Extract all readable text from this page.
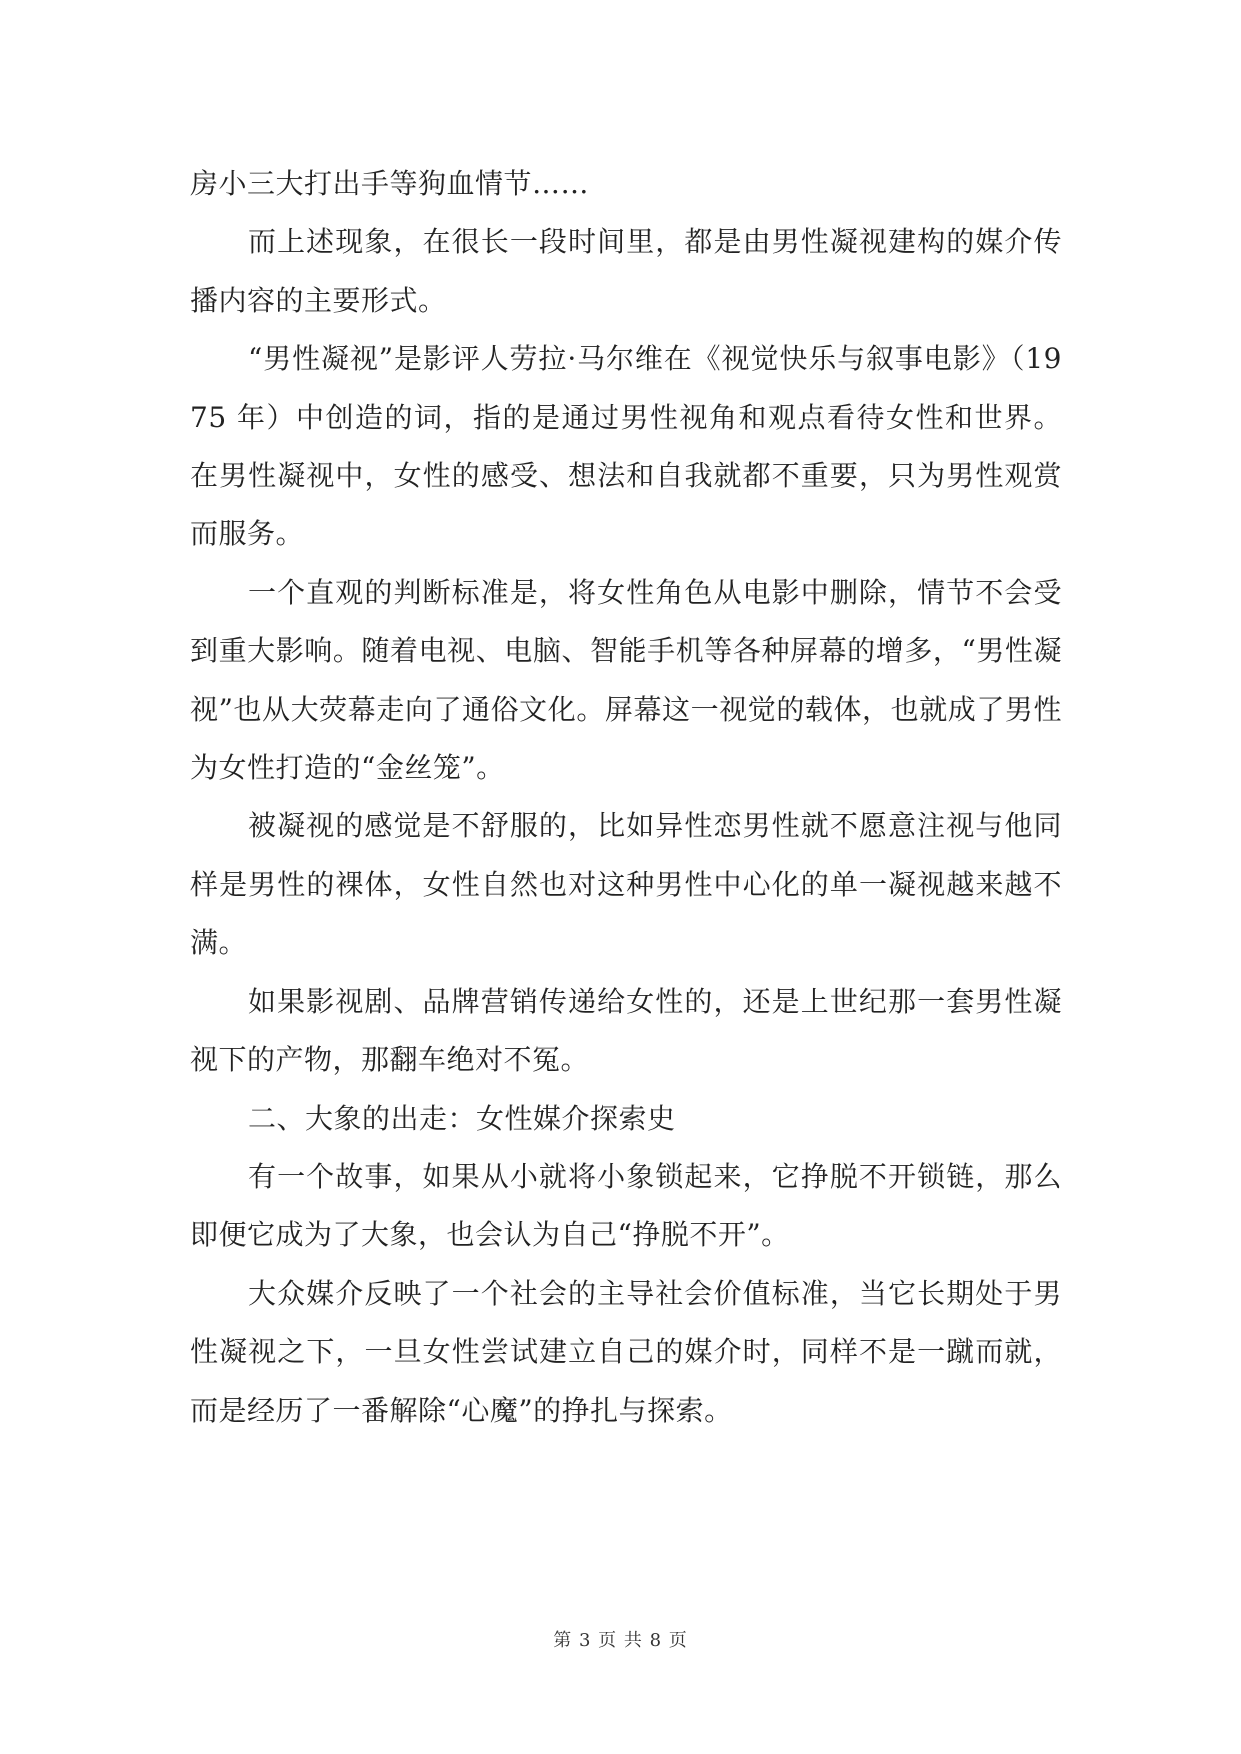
房小三大打出手等狗血情节……

而上述现象，在很长一段时间里，都是由男性凝视建构的媒介传播内容的主要形式。

“男性凝视”是影评人劳拉·马尔维在《视觉快乐与叙事电影》（1975 年）中创造的词，指的是通过男性视角和观点看待女性和世界。在男性凝视中，女性的感受、想法和自我就都不重要，只为男性观赏而服务。

一个直观的判断标准是，将女性角色从电影中删除，情节不会受到重大影响。随着电视、电脑、智能手机等各种屏幕的增多，“男性凝视”也从大荧幕走向了通俗文化。屏幕这一视觉的载体，也就成了男性为女性打造的“金丝笼”。

被凝视的感觉是不舒服的，比如异性恋男性就不愿意注视与他同样是男性的裸体，女性自然也对这种男性中心化的单一凝视越来越不满。

如果影视剧、品牌营销传递给女性的，还是上世纪那一套男性凝视下的产物，那翻车绝对不冤。

二、大象的出走：女性媒介探索史

有一个故事，如果从小就将小象锁起来，它挣脱不开锁链，那么即便它成为了大象，也会认为自己“挣脱不开”。

大众媒介反映了一个社会的主导社会价值标准，当它长期处于男性凝视之下，一旦女性尝试建立自己的媒介时，同样不是一蹴而就，而是经历了一番解除“心魔”的挣扎与探索。

第 3 页 共 8 页
